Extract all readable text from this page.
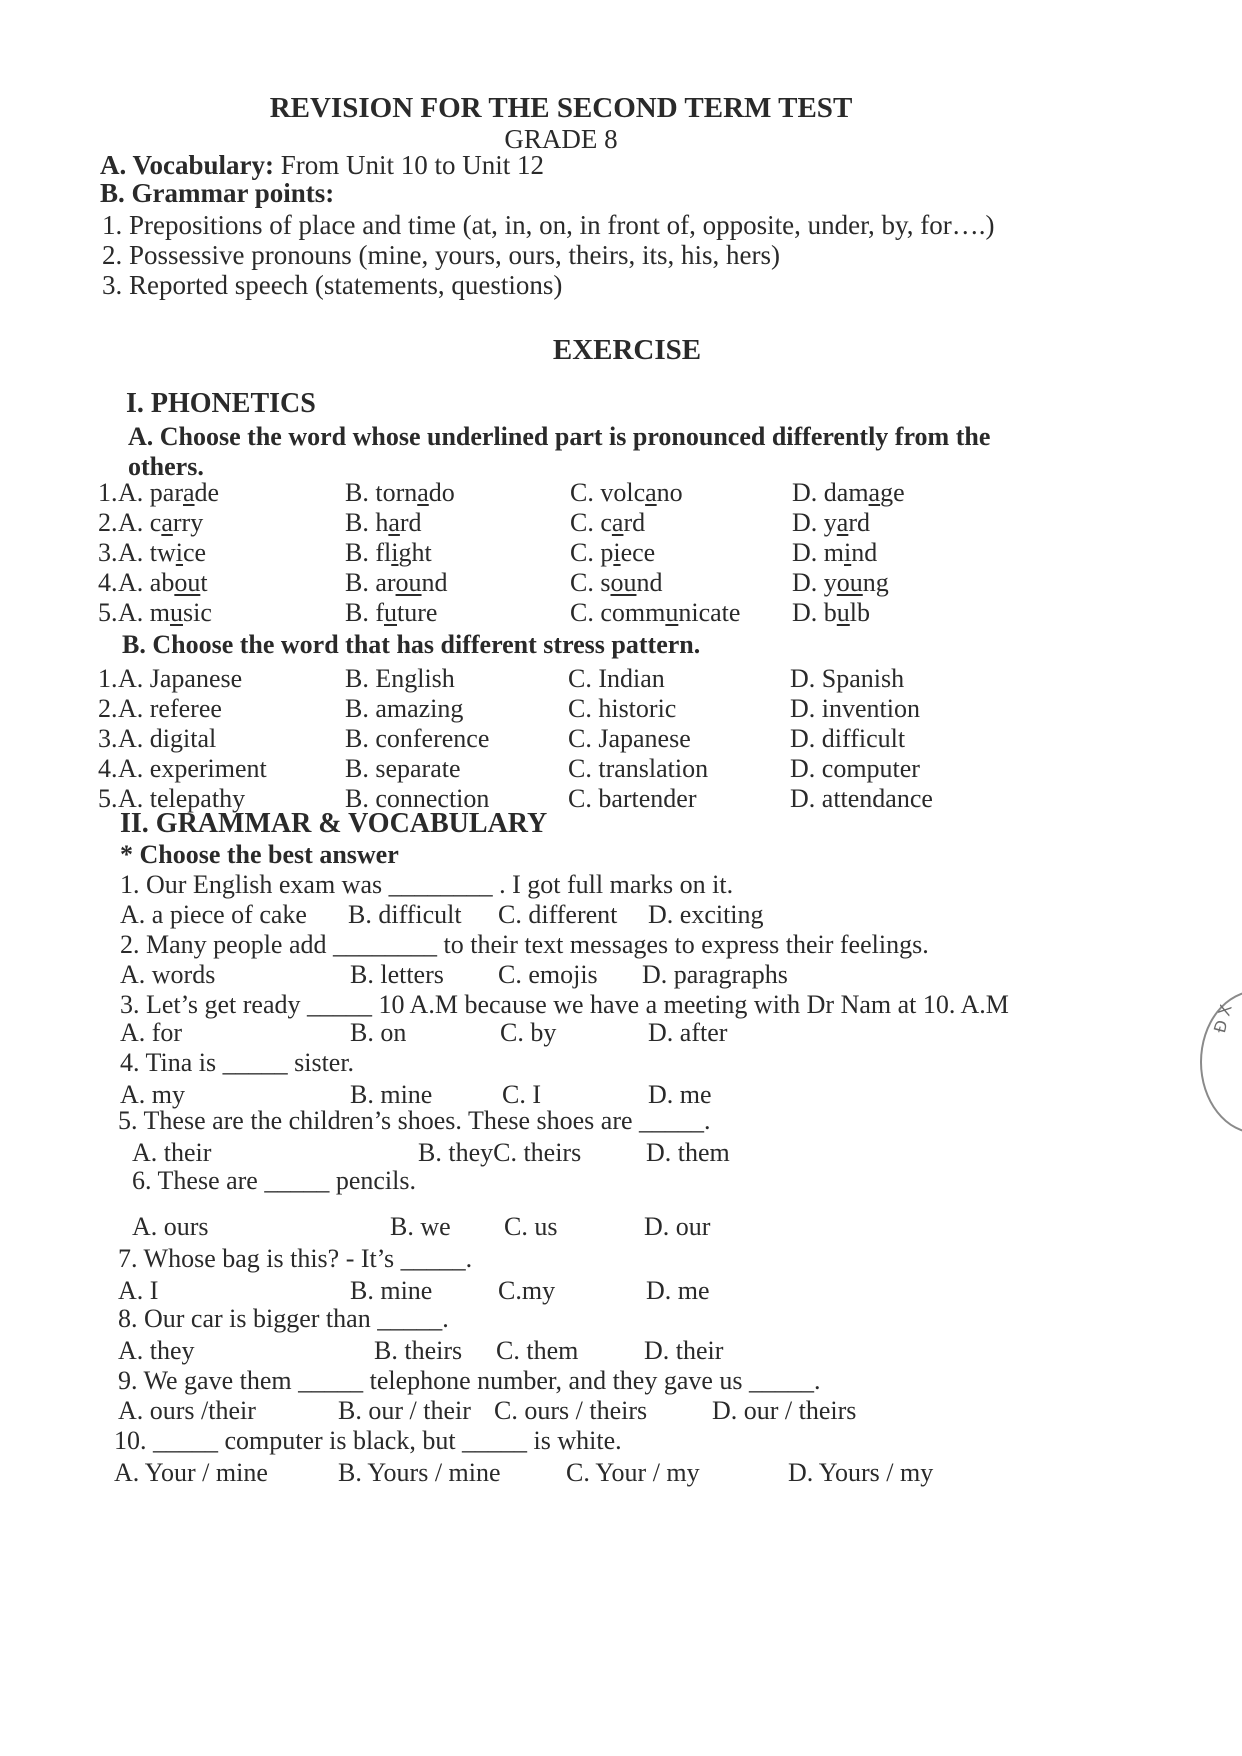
REVISION FOR THE SECOND TERM TEST
GRADE 8
A. Vocabulary: From Unit 10 to Unit 12
B. Grammar points:
1. Prepositions of place and time (at, in, on, in front of, opposite, under, by, for….)
2. Possessive pronouns (mine, yours, ours, theirs, its, his, hers)
3. Reported speech (statements, questions)
EXERCISE
I. PHONETICS
A. Choose the word whose underlined part is pronounced differently from the
others.
1. A. parade	B. tornado	C. volcano	D. damage
2. A. carry	B. hard	C. card	D. yard
3. A. twice	B. flight	C. piece	D. mind
4. A. about	B. around	C. sound	D. young
5. A. music	B. future	C. communicate D. bulb
B. Choose the word that has different stress pattern.
1. A. Japanese	B. English	C. Indian	D. Spanish
2. A. referee	B. amazing	C. historic	D. invention
3. A. digital	B. conference	C. Japanese	D. difficult
4. A. experiment	B. separate	C. translation	D. computer
5. A. telepathy	B. connection	C. bartender	D. attendance
II. GRAMMAR & VOCABULARY
* Choose the best answer
1. Our English exam was ________ . I got full marks on it.
A. a piece of cake B. difficult C. different D. exciting
2. Many people add ________ to their text messages to express their feelings.
A. words	B. letters C. emojis D. paragraphs
3. Let’s get ready _____ 10 A.M because we have a meeting with Dr Nam at 10. A.M
A. for	B. on	C. by	D. after
4. Tina is _____ sister.
A. my	B. mine	C. I	D. me
5. These are the children’s shoes. These shoes are _____.
A. their	B. theyC. theirs D. them
6. These are _____ pencils.
A. ours	B. we C. us	D. our
7. Whose bag is this? - It’s _____.
A. I	B. mine	C.my	D. me
8. Our car is bigger than _____.
A. they	B. theirs C. them	D. their
9. We gave them _____ telephone number, and they gave us _____.
A. ours /their	B. our / their C. ours / theirs D. our / theirs
10. _____ computer is black, but _____ is white.
A. Your / mine	B. Yours / mine	C. Your / my	D. Yours / my
Đ X
